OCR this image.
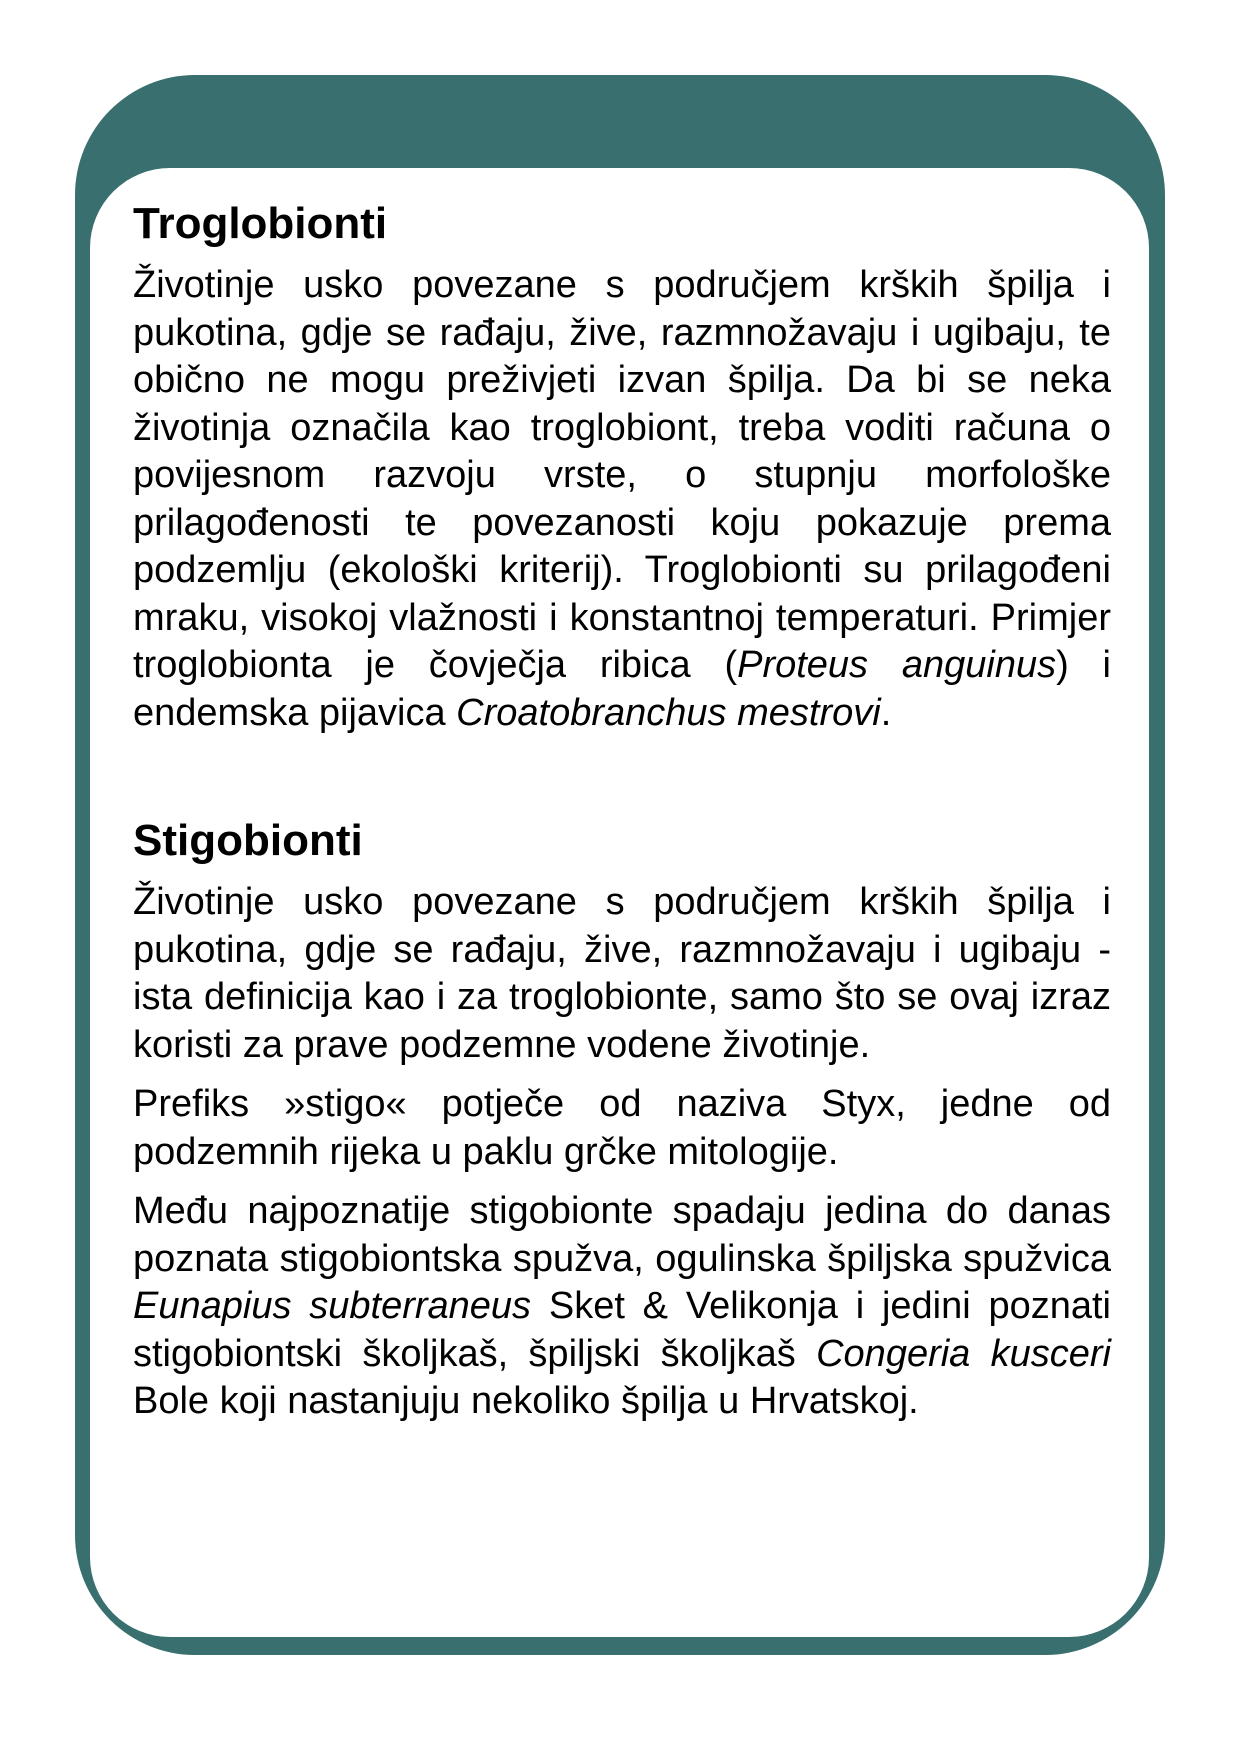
Troglobionti

Životinje usko povezane s područjem krških špilja i pukotina, gdje se rađaju, žive, razmnožavaju i ugibaju, te obično ne mogu preživjeti izvan špilja. Da bi se neka životinja označila kao troglobiont, treba voditi računa o povijesnom razvoju vrste, o stupnju morfološke prilagođenosti te povezanosti koju pokazuje prema podzemlju (ekološki kriterij). Troglobionti su prilagođeni mraku, visokoj vlažnosti i konstantnoj temperaturi. Primjer troglobionta je čovječja ribica (Proteus anguinus) i endemska pijavica Croatobranchus mestrovi.

Stigobionti

Životinje usko povezane s područjem krških špilja i pukotina, gdje se rađaju, žive, razmnožavaju i ugibaju - ista definicija kao i za troglobionte, samo što se ovaj izraz koristi za prave podzemne vodene životinje.

Prefiks »stigo« potječe od naziva Styx, jedne od podzemnih rijeka u paklu grčke mitologije.

Među najpoznatije stigobionte spadaju jedina do danas poznata stigobiontska spužva, ogulinska špiljska spužvica Eunapius subterraneus Sket & Velikonja i jedini poznati stigobiontski školjkaš, špiljski školjkaš Congeria kusceri Bole koji nastanjuju nekoliko špilja u Hrvatskoj.
